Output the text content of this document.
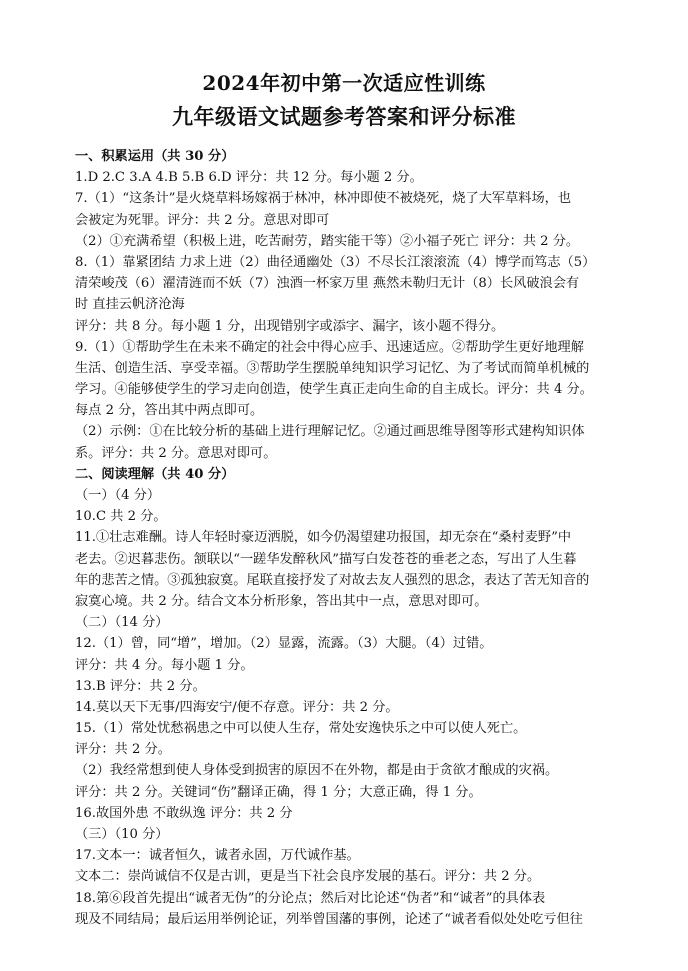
2024年初中第一次适应性训练
九年级语文试题参考答案和评分标准
一、积累运用（共 30 分）
1.D 2.C 3.A 4.B 5.B 6.D 评分：共 12 分。每小题 2 分。
7.（1）“这条计”是火烧草料场嫁祸于林冲，林冲即使不被烧死，烧了大军草料场，也
会被定为死罪。评分：共 2 分。意思对即可
（2）①充满希望（积极上进，吃苦耐劳，踏实能干等）②小福子死亡 评分：共 2 分。
8.（1）靠紧团结 力求上进（2）曲径通幽处（3）不尽长江滚滚流（4）博学而笃志（5）
清荣峻茂（6）濯清涟而不妖（7）浊酒一杯家万里 燕然未勒归无计（8）长风破浪会有
时 直挂云帆济沧海
评分：共 8 分。每小题 1 分，出现错别字或添字、漏字，该小题不得分。
9.（1）①帮助学生在未来不确定的社会中得心应手、迅速适应。②帮助学生更好地理解
生活、创造生活、享受幸福。③帮助学生摆脱单纯知识学习记忆、为了考试而简单机械的
学习。④能够使学生的学习走向创造，使学生真正走向生命的自主成长。评分：共 4 分。
每点 2 分，答出其中两点即可。
（2）示例：①在比较分析的基础上进行理解记忆。②通过画思维导图等形式建构知识体
系。评分：共 2 分。意思对即可。
二、阅读理解（共 40 分）
（一）（4 分）
10.C 共 2 分。
11.①壮志难酬。诗人年轻时豪迈洒脱，如今仍渴望建功报国，却无奈在“桑村麦野”中
老去。②迟暮悲伤。颔联以“一蹉华发醉秋风”描写白发苍苍的垂老之态，写出了人生暮
年的悲苦之情。③孤独寂寞。尾联直接抒发了对故去友人强烈的思念，表达了苦无知音的
寂寞心境。共 2 分。结合文本分析形象，答出其中一点，意思对即可。
（二）（14 分）
12.（1）曾，同“增”，增加。（2）显露，流露。（3）大腿。（4）过错。
评分：共 4 分。每小题 1 分。
13.B 评分：共 2 分。
14.莫以天下无事/四海安宁/便不存意。评分：共 2 分。
15.（1）常处忧愁祸患之中可以使人生存，常处安逸快乐之中可以使人死亡。
评分：共 2 分。
（2）我经常想到使人身体受到损害的原因不在外物，都是由于贪欲才酿成的灾祸。
评分：共 2 分。关键词“伤”翻译正确，得 1 分；大意正确，得 1 分。
16.故国外患 不敢纵逸 评分：共 2 分
（三）（10 分）
17.文本一：诚者恒久，诚者永固，万代诚作基。
文本二：崇尚诚信不仅是古训，更是当下社会良序发展的基石。评分：共 2 分。
18.第⑥段首先提出“诚者无伪”的分论点；然后对比论述“伪者”和“诚者”的具体表
现及不同结局；最后运用举例论证，列举曾国藩的事例，论述了“诚者看似处处吃亏但往
